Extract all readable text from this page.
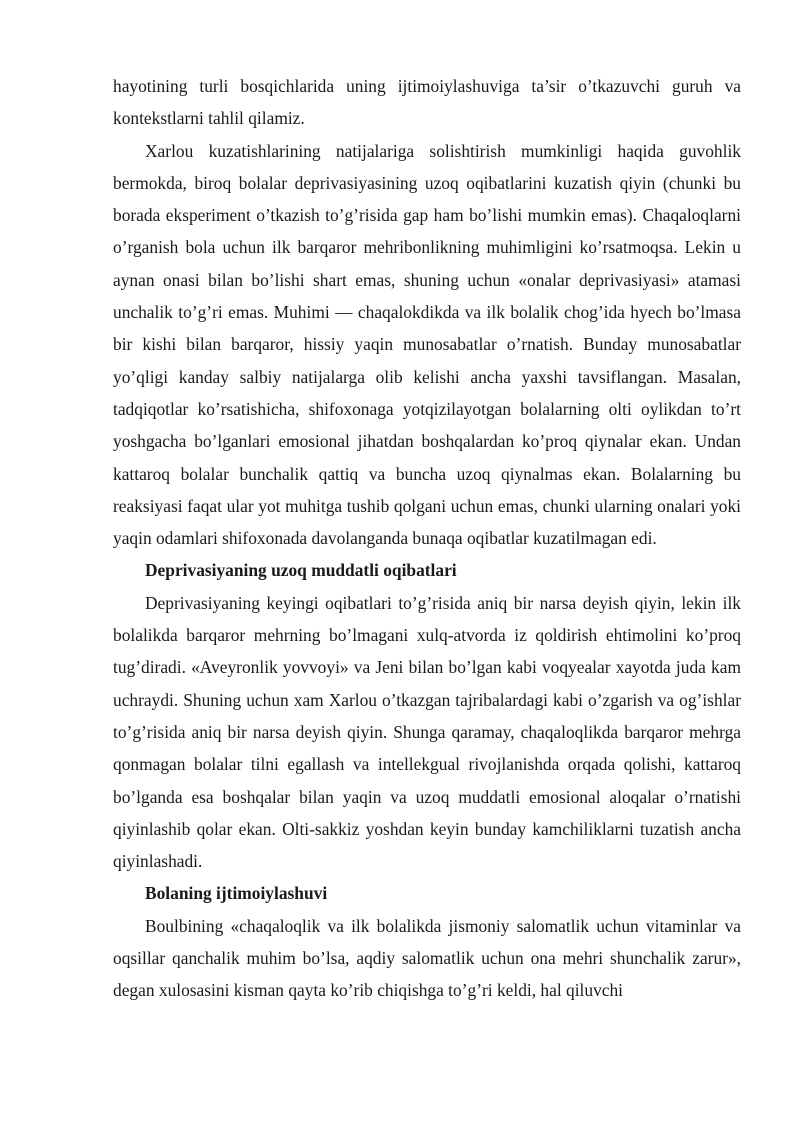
hayotining turli bosqichlarida uning ijtimoiylashuviga ta’sir o’tkazuvchi guruh va kontekstlarni tahlil qilamiz.

Xarlou kuzatishlarining natijalariga solishtirish mumkinligi haqida guvohlik bermokda, biroq bolalar deprivasiyasining uzoq oqibatlarini kuzatish qiyin (chunki bu borada eksperiment o’tkazish to’g’risida gap ham bo’lishi mumkin emas). Chaqaloqlarni o’rganish bola uchun ilk barqaror mehribonlikning muhimligini ko’rsatmoqsa. Lekin u aynan onasi bilan bo’lishi shart emas, shuning uchun «onalar deprivasiyasi» atamasi unchalik to’g’ri emas. Muhimi — chaqalokdikda va ilk bolalik chog’ida hyech bo’lmasa bir kishi bilan barqaror, hissiy yaqin munosabatlar o’rnatish. Bunday munosabatlar yo’qligi kanday salbiy natijalarga olib kelishi ancha yaxshi tavsiflangan. Masalan, tadqiqotlar ko’rsatishicha, shifoxonaga yotqizilayotgan bolalarning olti oylikdan to’rt yoshgacha bo’lganlari emosional jihatdan boshqalardan ko’proq qiynalar ekan. Undan kattaroq bolalar bunchalik qattiq va buncha uzoq qiynalmas ekan. Bolalarning bu reaksiyasi faqat ular yot muhitga tushib qolgani uchun emas, chunki ularning onalari yoki yaqin odamlari shifoxonada davolanganda bunaqa oqibatlar kuzatilmagan edi.

Deprivasiyaning uzoq muddatli oqibatlari

Deprivasiyaning keyingi oqibatlari to’g’risida aniq bir narsa deyish qiyin, lekin ilk bolalikda barqaror mehrning bo’lmagani xulq-atvorda iz qoldirish ehtimolini ko’proq tug’diradi. «Aveyronlik yovvoyi» va Jeni bilan bo’lgan kabi voqyealar xayotda juda kam uchraydi. Shuning uchun xam Xarlou o’tkazgan tajribalardagi kabi o’zgarish va og’ishlar to’g’risida aniq bir narsa deyish qiyin. Shunga qaramay, chaqaloqlikda barqaror mehrga qonmagan bolalar tilni egallash va intellekgual rivojlanishda orqada qolishi, kattaroq bo’lganda esa boshqalar bilan yaqin va uzoq muddatli emosional aloqalar o’rnatishi qiyinlashib qolar ekan. Olti-sakkiz yoshdan keyin bunday kamchiliklarni tuzatish ancha qiyinlashadi.

Bolaning ijtimoiylashuvi

Boulbining «chaqaloqlik va ilk bolalikda jismoniy salomatlik uchun vitaminlar va oqsillar qanchalik muhim bo’lsa, aqdiy salomatlik uchun ona mehri shunchalik zarur», degan xulosasini kisman qayta ko’rib chiqishga to’g’ri keldi, hal qiluvchi
